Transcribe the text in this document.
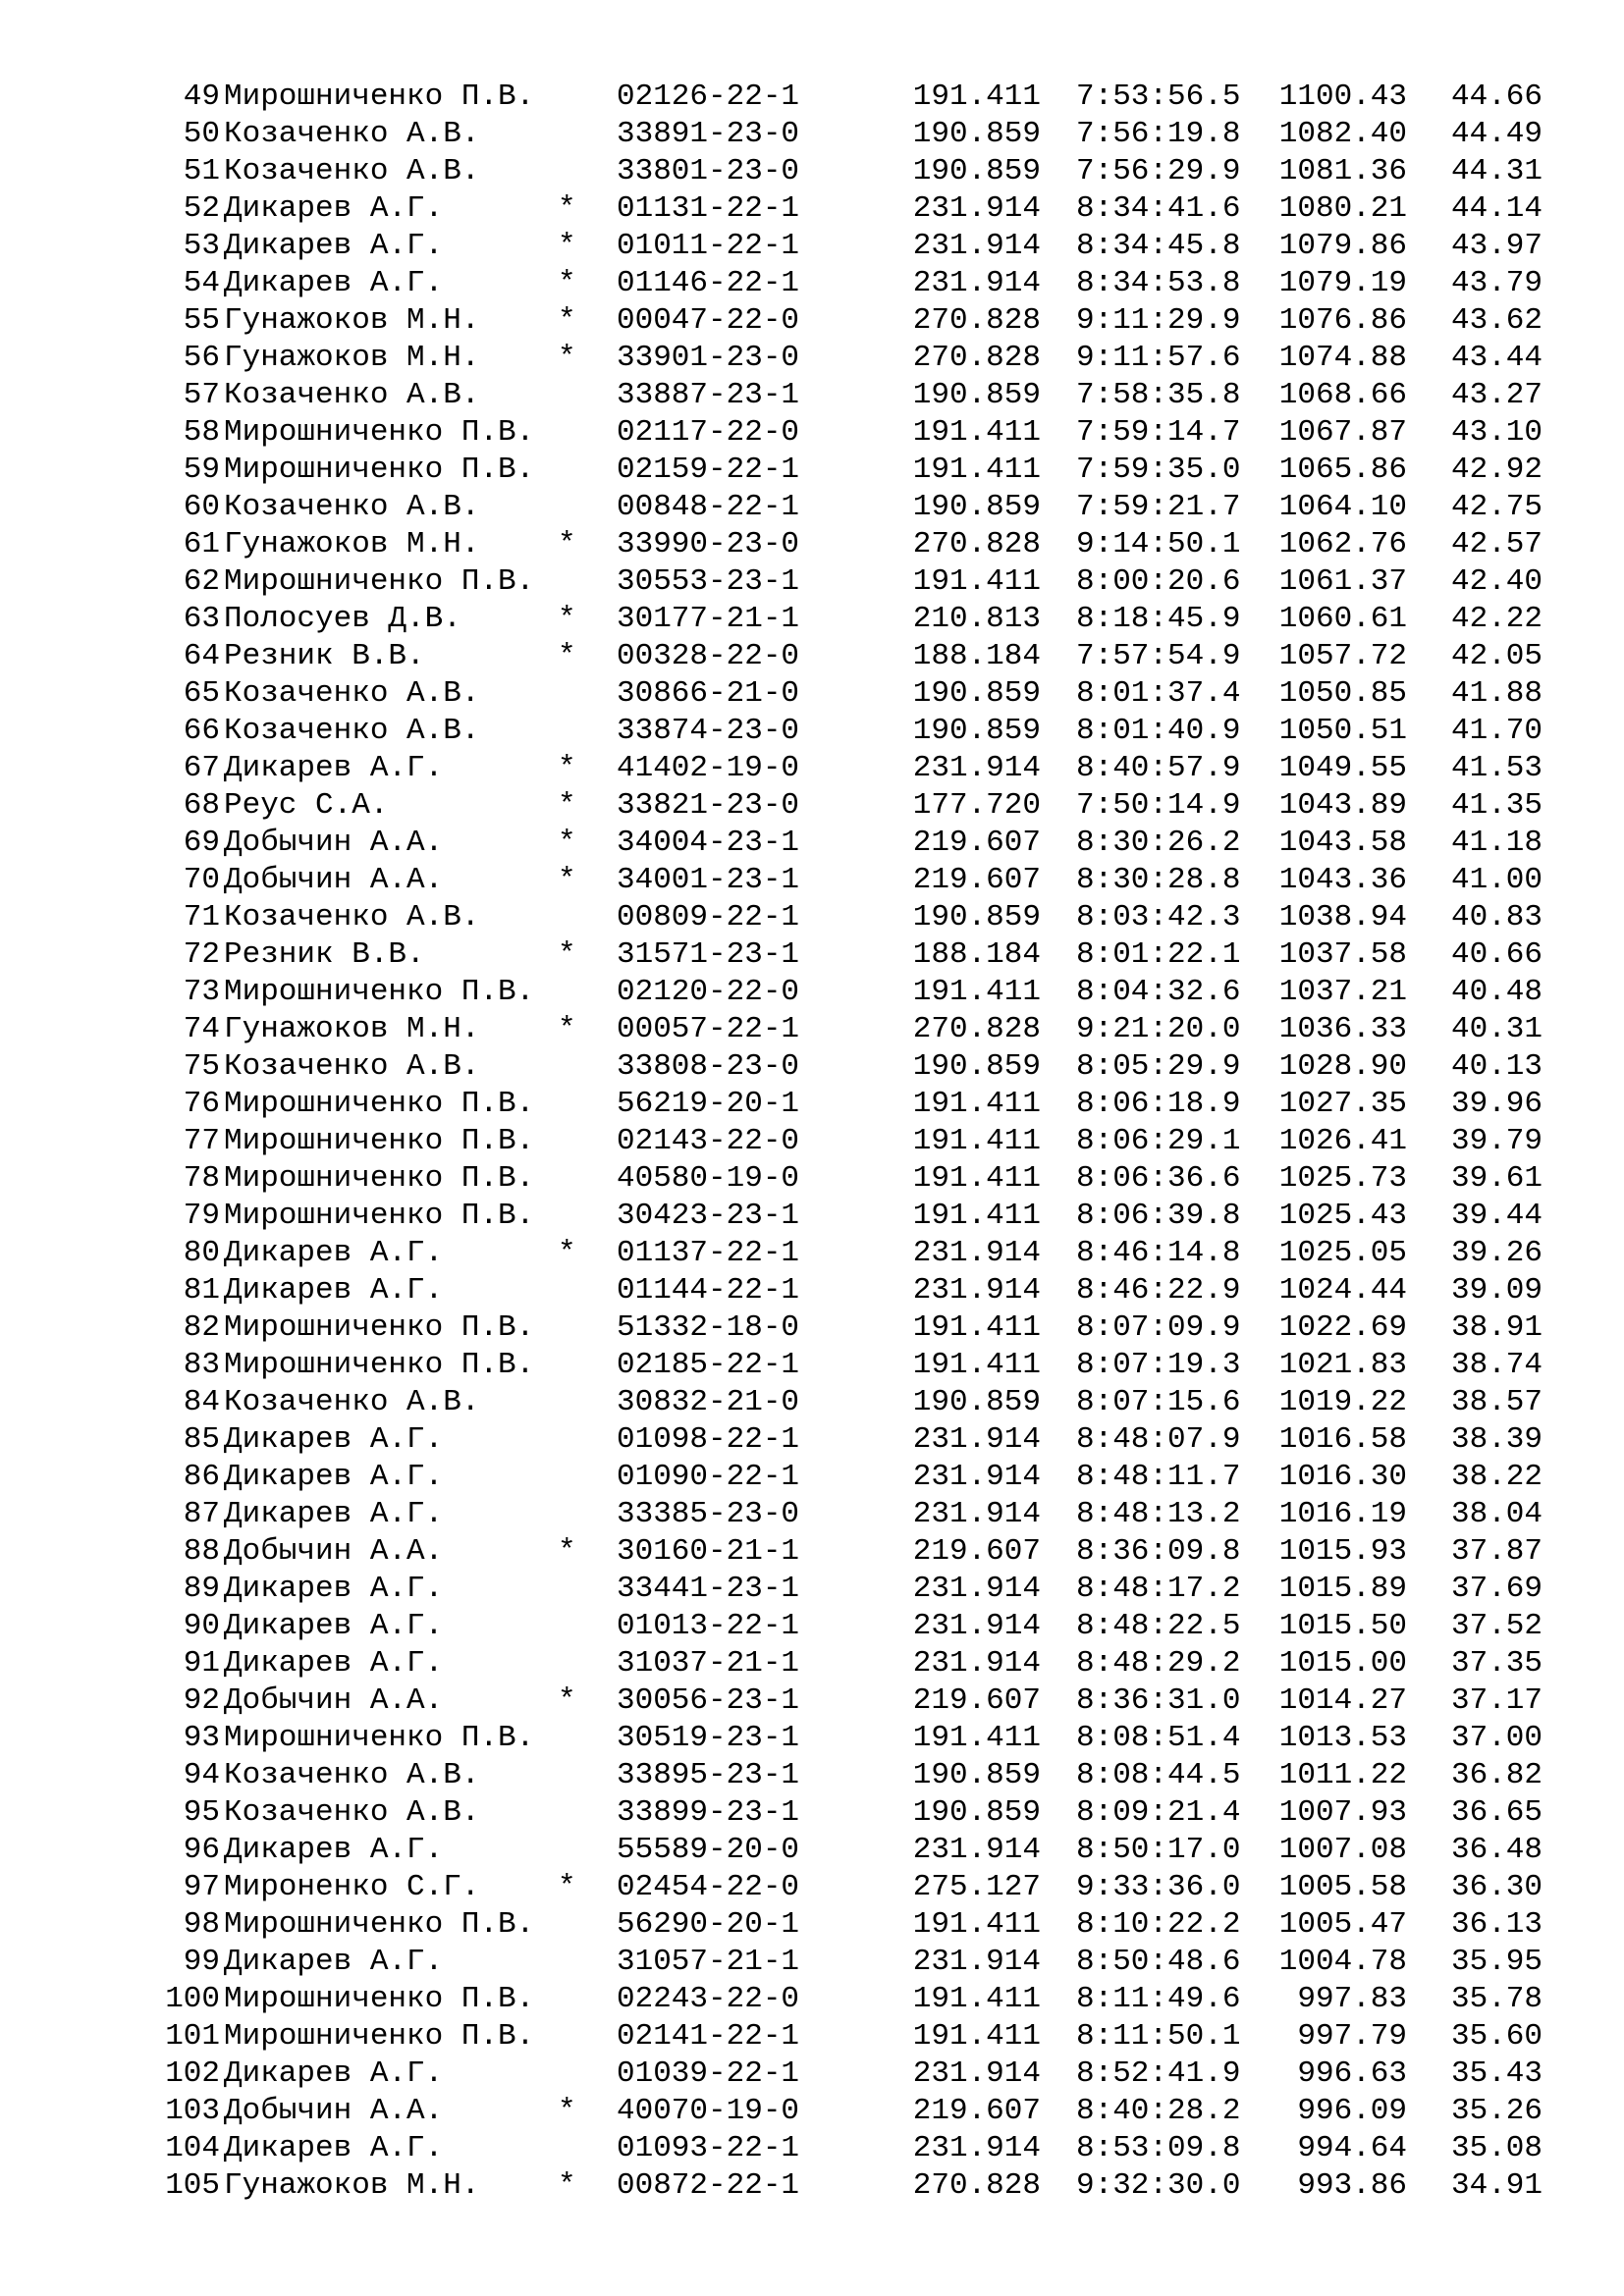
49 Мирошниченко П.В.	02126-22-1	191.411	7:53:56.5	1100.43	44.66
50 Козаченко А.В.	33891-23-0	190.859	7:56:19.8	1082.40	44.49
51 Козаченко А.В.	33801-23-0	190.859	7:56:29.9	1081.36	44.31
52 Дикарев А.Г.	*	01131-22-1	231.914	8:34:41.6	1080.21	44.14
53 Дикарев А.Г.	*	01011-22-1	231.914	8:34:45.8	1079.86	43.97
54 Дикарев А.Г.	*	01146-22-1	231.914	8:34:53.8	1079.19	43.79
55 Гунажоков М.Н.	*	00047-22-0	270.828	9:11:29.9	1076.86	43.62
56 Гунажоков М.Н.	*	33901-23-0	270.828	9:11:57.6	1074.88	43.44
57 Козаченко А.В.	33887-23-1	190.859	7:58:35.8	1068.66	43.27
58 Мирошниченко П.В.	02117-22-0	191.411	7:59:14.7	1067.87	43.10
59 Мирошниченко П.В.	02159-22-1	191.411	7:59:35.0	1065.86	42.92
60 Козаченко А.В.	00848-22-1	190.859	7:59:21.7	1064.10	42.75
61 Гунажоков М.Н.	*	33990-23-0	270.828	9:14:50.1	1062.76	42.57
62 Мирошниченко П.В.	30553-23-1	191.411	8:00:20.6	1061.37	42.40
63 Полосуев Д.В.	*	30177-21-1	210.813	8:18:45.9	1060.61	42.22
64 Резник В.В.	*	00328-22-0	188.184	7:57:54.9	1057.72	42.05
65 Козаченко А.В.	30866-21-0	190.859	8:01:37.4	1050.85	41.88
66 Козаченко А.В.	33874-23-0	190.859	8:01:40.9	1050.51	41.70
67 Дикарев А.Г.	*	41402-19-0	231.914	8:40:57.9	1049.55	41.53
68 Реус С.А.	*	33821-23-0	177.720	7:50:14.9	1043.89	41.35
69 Добычин А.А.	*	34004-23-1	219.607	8:30:26.2	1043.58	41.18
70 Добычин А.А.	*	34001-23-1	219.607	8:30:28.8	1043.36	41.00
71 Козаченко А.В.	00809-22-1	190.859	8:03:42.3	1038.94	40.83
72 Резник В.В.	*	31571-23-1	188.184	8:01:22.1	1037.58	40.66
73 Мирошниченко П.В.	02120-22-0	191.411	8:04:32.6	1037.21	40.48
74 Гунажоков М.Н.	*	00057-22-1	270.828	9:21:20.0	1036.33	40.31
75 Козаченко А.В.	33808-23-0	190.859	8:05:29.9	1028.90	40.13
76 Мирошниченко П.В.	56219-20-1	191.411	8:06:18.9	1027.35	39.96
77 Мирошниченко П.В.	02143-22-0	191.411	8:06:29.1	1026.41	39.79
78 Мирошниченко П.В.	40580-19-0	191.411	8:06:36.6	1025.73	39.61
79 Мирошниченко П.В.	30423-23-1	191.411	8:06:39.8	1025.43	39.44
80 Дикарев А.Г.	*	01137-22-1	231.914	8:46:14.8	1025.05	39.26
81 Дикарев А.Г.	01144-22-1	231.914	8:46:22.9	1024.44	39.09
82 Мирошниченко П.В.	51332-18-0	191.411	8:07:09.9	1022.69	38.91
83 Мирошниченко П.В.	02185-22-1	191.411	8:07:19.3	1021.83	38.74
84 Козаченко А.В.	30832-21-0	190.859	8:07:15.6	1019.22	38.57
85 Дикарев А.Г.	01098-22-1	231.914	8:48:07.9	1016.58	38.39
86 Дикарев А.Г.	01090-22-1	231.914	8:48:11.7	1016.30	38.22
87 Дикарев А.Г.	33385-23-0	231.914	8:48:13.2	1016.19	38.04
88 Добычин А.А.	*	30160-21-1	219.607	8:36:09.8	1015.93	37.87
89 Дикарев А.Г.	33441-23-1	231.914	8:48:17.2	1015.89	37.69
90 Дикарев А.Г.	01013-22-1	231.914	8:48:22.5	1015.50	37.52
91 Дикарев А.Г.	31037-21-1	231.914	8:48:29.2	1015.00	37.35
92 Добычин А.А.	*	30056-23-1	219.607	8:36:31.0	1014.27	37.17
93 Мирошниченко П.В.	30519-23-1	191.411	8:08:51.4	1013.53	37.00
94 Козаченко А.В.	33895-23-1	190.859	8:08:44.5	1011.22	36.82
95 Козаченко А.В.	33899-23-1	190.859	8:09:21.4	1007.93	36.65
96 Дикарев А.Г.	55589-20-0	231.914	8:50:17.0	1007.08	36.48
97 Мироненко С.Г.	*	02454-22-0	275.127	9:33:36.0	1005.58	36.30
98 Мирошниченко П.В.	56290-20-1	191.411	8:10:22.2	1005.47	36.13
99 Дикарев А.Г.	31057-21-1	231.914	8:50:48.6	1004.78	35.95
100 Мирошниченко П.В.	02243-22-0	191.411	8:11:49.6	997.83	35.78
101 Мирошниченко П.В.	02141-22-1	191.411	8:11:50.1	997.79	35.60
102 Дикарев А.Г.	01039-22-1	231.914	8:52:41.9	996.63	35.43
103 Добычин А.А.	*	40070-19-0	219.607	8:40:28.2	996.09	35.26
104 Дикарев А.Г.	01093-22-1	231.914	8:53:09.8	994.64	35.08
105 Гунажоков М.Н.	*	00872-22-1	270.828	9:32:30.0	993.86	34.91
